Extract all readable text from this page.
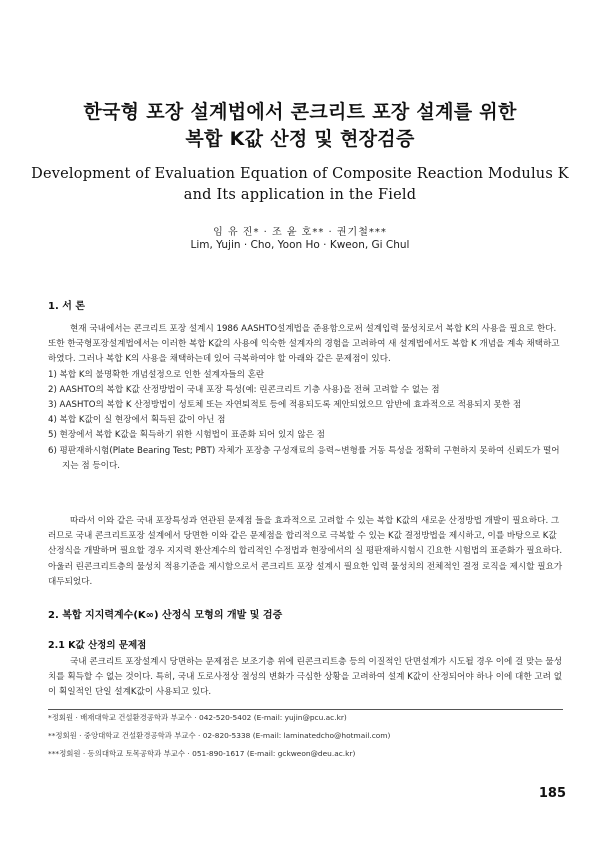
한국형 포장 설계법에서 콘크리트 포장 설계를 위한
복합 K값 산정 및 현장검증
Development of Evaluation Equation of Composite Reaction Modulus K
and Its application in the Field
임 유 진* · 조 윤 호** · 권기철***
Lim, Yujin · Cho, Yoon Ho · Kweon, Gi Chul
1. 서 론

현재 국내에서는 콘크리트 포장 설계시 1986 AASHTO설계법을 준용함으로써 설계입력 물성치로서 복합 K의 사용을 필요로 한다. 또한 한국형포장설계법에서는 이러한 복합 K값의 사용에 익숙한 설계자의 경험을 고려하여 새 설계법에서도 복합 K 개념을 계속 채택하고 하였다. 그러나 복합 K의 사용을 채택하는데 있어 극복하여야 할 아래와 같은 문제점이 있다.

1) 복합 K의 불명확한 개념설정으로 인한 설계자들의 혼란

2) AASHTO의 복합 K값 산정방법이 국내 포장 특성(예: 린콘크리트 기층 사용)을 전혀 고려할 수 없는 점

3) AASHTO의 복합 K 산정방법이 성토체 또는 자연퇴적토 등에 적용되도록 제안되었으므 암반에 효과적으로 적용되지 못한 점

4) 복합 K값이 실 현장에서 획득된 값이 아닌 점

5) 현장에서 복합 K값을 획득하기 위한 시험법이 표준화 되어 있지 않은 점

6) 평판재하시험(Plate Bearing Test; PBT) 자체가 포장층 구성재료의 응력~변형률 거동 특성을 정확히 구현하지 못하여 신뢰도가 떨어지는 점 등이다.

따라서 이와 같은 국내 포장특성과 연관된 문제점 들을 효과적으로 고려할 수 있는 복합 K값의 새로운 산정방법 개발이 필요하다. 그러므로 국내 콘크리트포장 설계에서 당면한 이와 같은 문제점을 합리적으로 극복할 수 있는 K값 결정방법을 제시하고, 이를 바탕으로 K값 산정식을 개발하며 필요할 경우 지지력 환산계수의 합리적인 수정법과 현장에서의 실 평판재하시험시 긴요한 시험법의 표준화가 필요하다. 아울러 린콘크리트층의 물성치 적용기준을 제시함으로서 콘크리트 포장 설계시 필요한 입력 물성치의 전체적인 결정 로직을 제시할 필요가 대두되었다.

2. 복합 지지력계수(K∞) 산정식 모형의 개발 및 검증
2.1 K값 산정의 문제점

국내 콘크리트 포장설계시 당면하는 문제점은 보조기층 위에 린콘크리트층 등의 이질적인 단면설계가 시도될 경우 이에 걸 맞는 물성치를 획득할 수 없는 것이다. 특히, 국내 도로사정상 절성의 변화가 극심한 상황을 고려하여 설계 K값이 산정되어야 하나 이에 대한 고려 없이 획일적인 단일 설계K값이 사용되고 있다.

*정회원 · 배재대학교 건설환경공학과 부교수 · 042-520-5402 (E-mail: yujin@pcu.ac.kr)
**정회원 · 중앙대학교 건설환경공학과 부교수 · 02-820-5338 (E-mail: laminatedcho@hotmail.com)
***정회원 · 동의대학교 토목공학과 부교수 · 051-890-1617 (E-mail: gckweon@deu.ac.kr)
185
